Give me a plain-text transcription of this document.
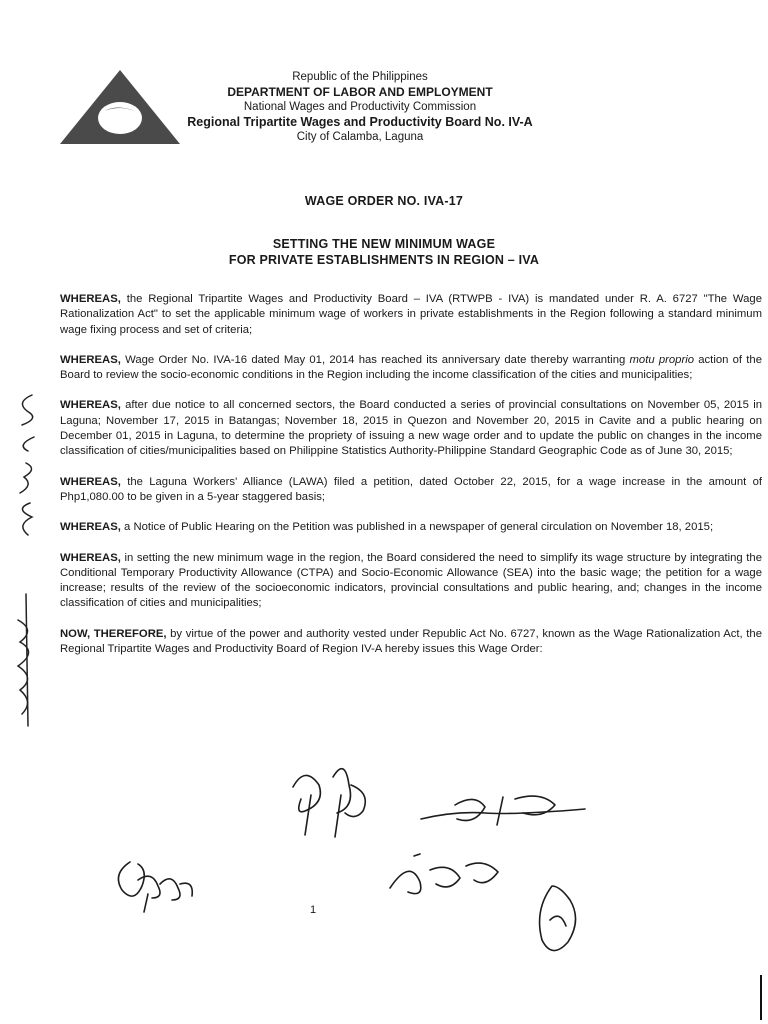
Republic of the Philippines
DEPARTMENT OF LABOR AND EMPLOYMENT
National Wages and Productivity Commission
Regional Tripartite Wages and Productivity Board No. IV-A
City of Calamba, Laguna
WAGE ORDER NO. IVA-17
SETTING THE NEW MINIMUM WAGE
FOR PRIVATE ESTABLISHMENTS IN REGION – IVA

WHEREAS, the Regional Tripartite Wages and Productivity Board – IVA (RTWPB - IVA) is mandated under R. A. 6727 "The Wage Rationalization Act" to set the applicable minimum wage of workers in private establishments in the Region following a standard minimum wage fixing process and set of criteria;

WHEREAS, Wage Order No. IVA-16 dated May 01, 2014 has reached its anniversary date thereby warranting motu proprio action of the Board to review the socio-economic conditions in the Region including the income classification of the cities and municipalities;

WHEREAS, after due notice to all concerned sectors, the Board conducted a series of provincial consultations on November 05, 2015 in Laguna; November 17, 2015 in Batangas; November 18, 2015 in Quezon and November 20, 2015 in Cavite and a public hearing on December 01, 2015 in Laguna, to determine the propriety of issuing a new wage order and to update the public on changes in the income classification of cities/municipalities based on Philippine Statistics Authority-Philippine Standard Geographic Code as of June 30, 2015;

WHEREAS, the Laguna Workers' Alliance (LAWA) filed a petition, dated October 22, 2015, for a wage increase in the amount of Php1,080.00 to be given in a 5-year staggered basis;

WHEREAS, a Notice of Public Hearing on the Petition was published in a newspaper of general circulation on November 18, 2015;

WHEREAS, in setting the new minimum wage in the region, the Board considered the need to simplify its wage structure by integrating the Conditional Temporary Productivity Allowance (CTPA) and Socio-Economic Allowance (SEA) into the basic wage; the petition for a wage increase; results of the review of the socioeconomic indicators, provincial consultations and public hearing, and; changes in the income classification of cities and municipalities;

NOW, THEREFORE, by virtue of the power and authority vested under Republic Act No. 6727, known as the Wage Rationalization Act, the Regional Tripartite Wages and Productivity Board of Region IV-A hereby issues this Wage Order:

1
